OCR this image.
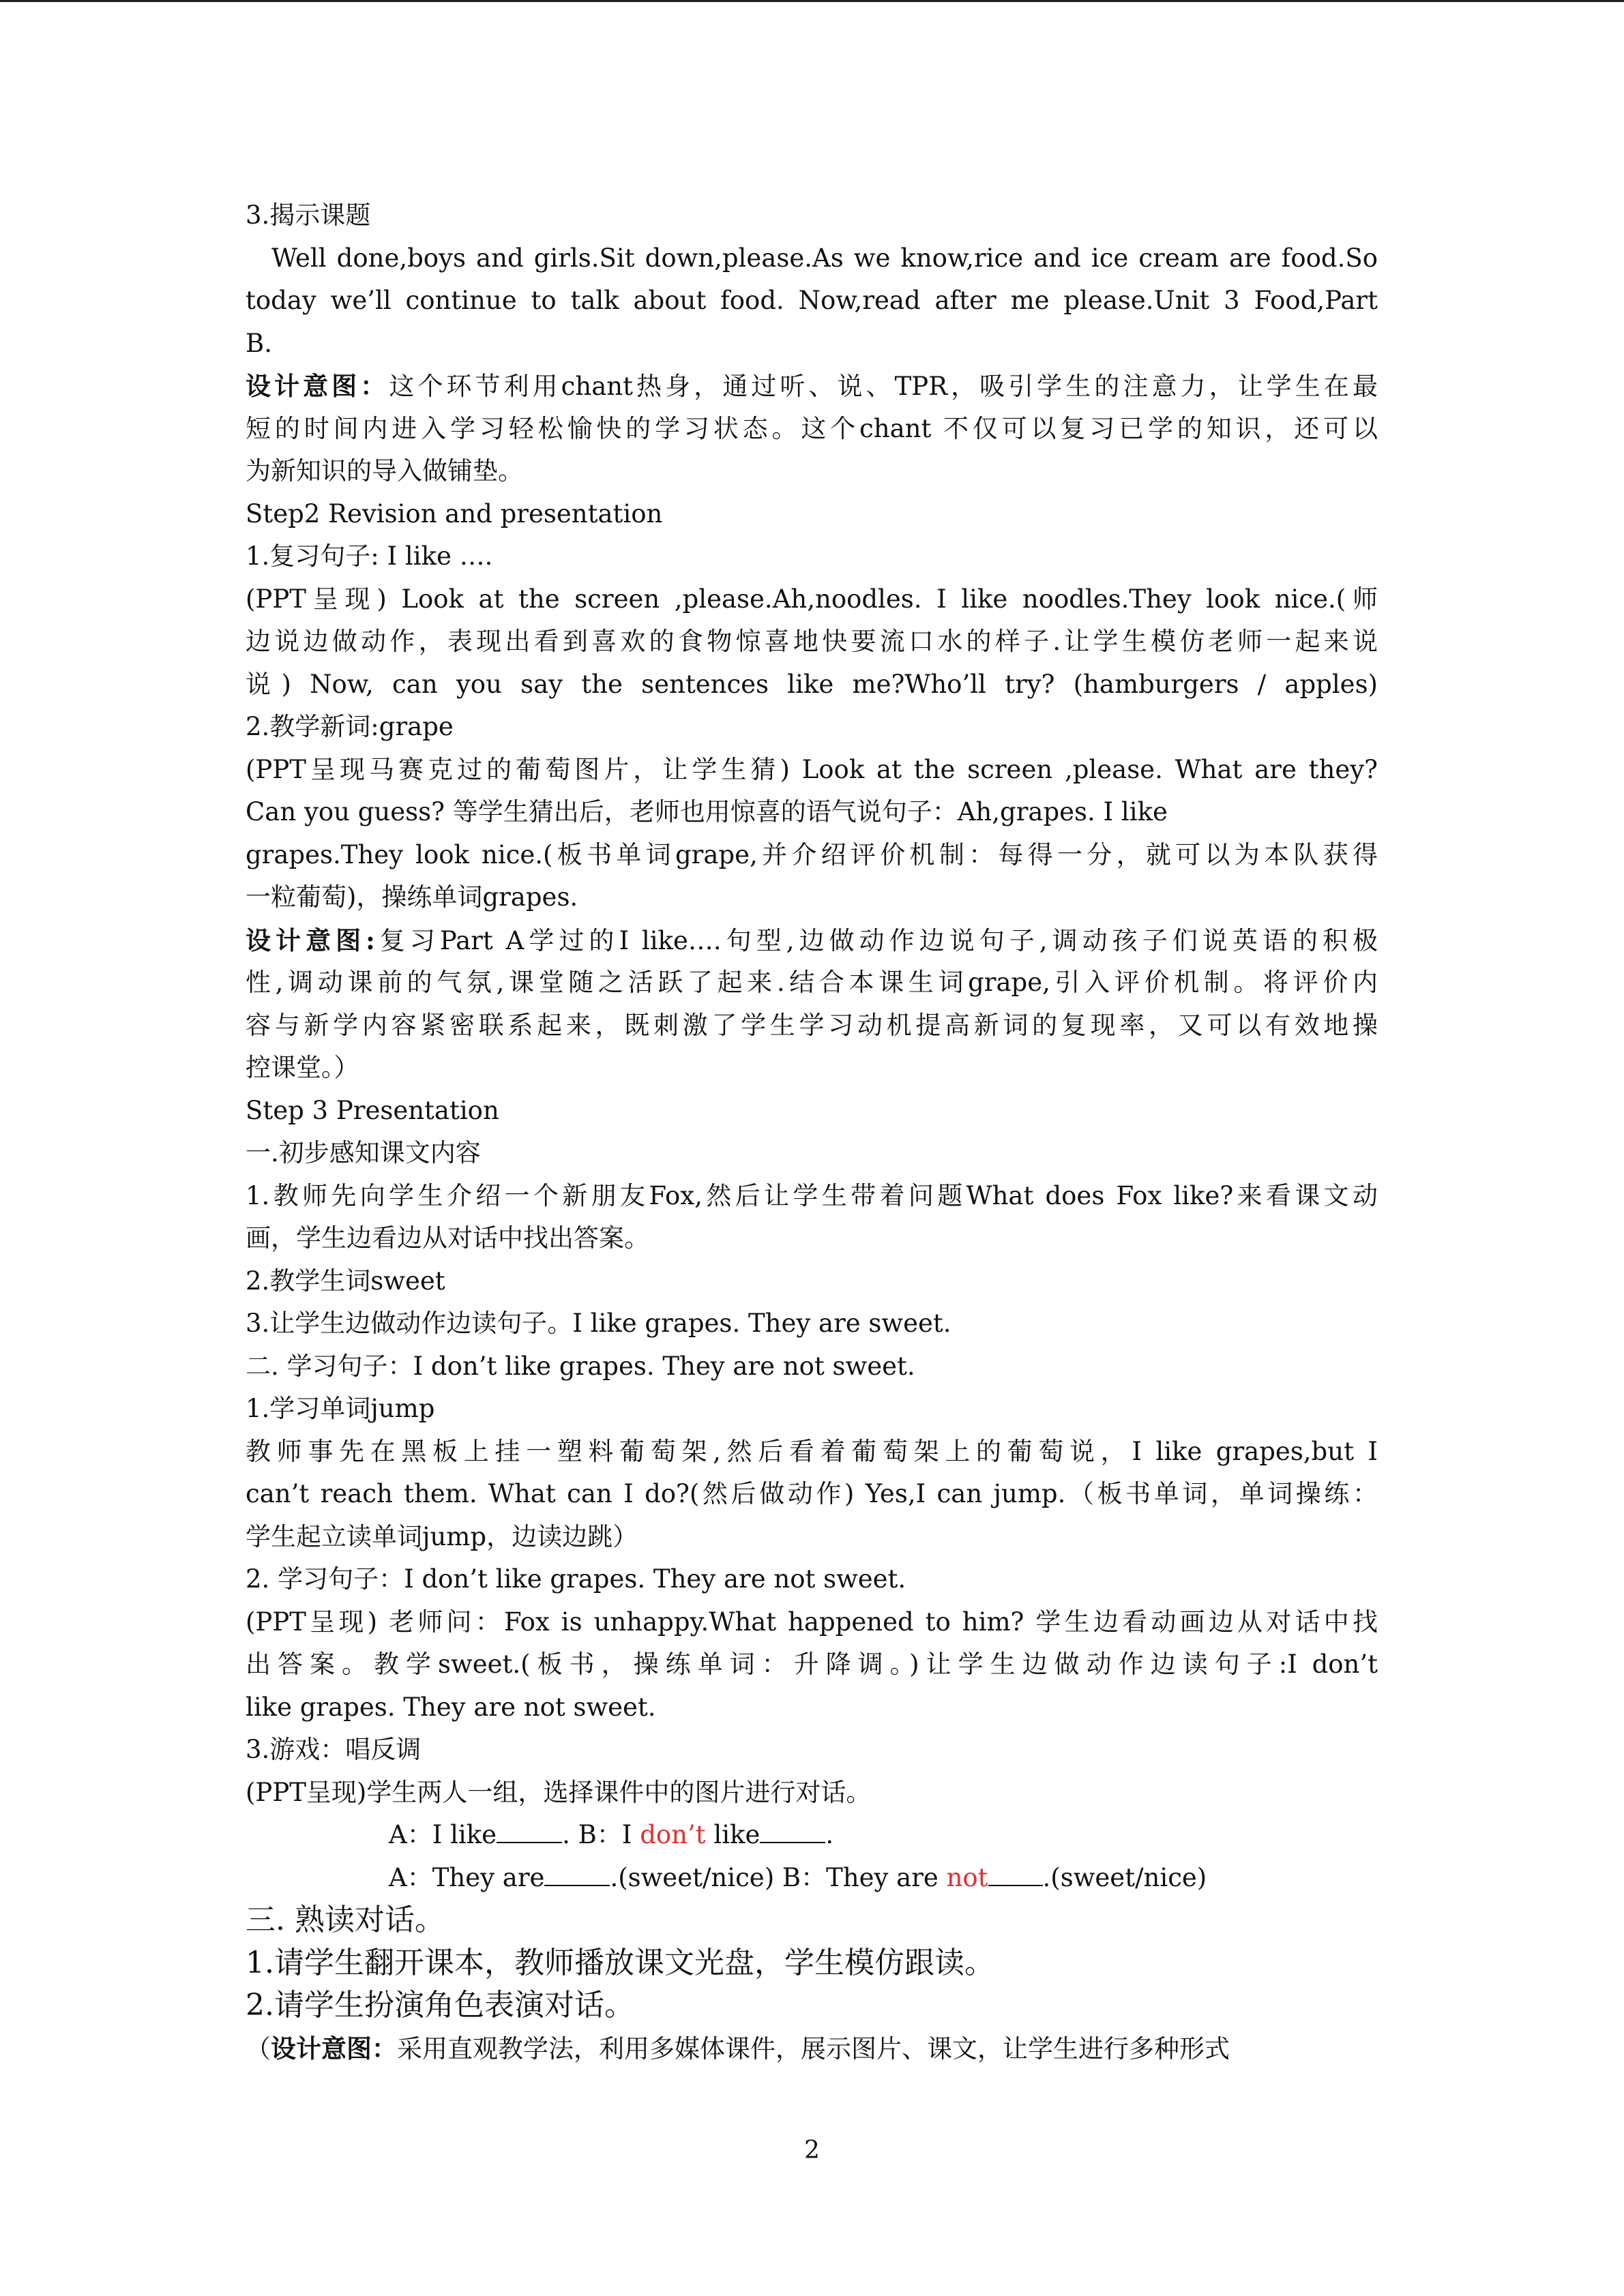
3.揭示课题
Well done,boys and girls.Sit down,please.As we know,rice and ice cream are food.So
today we’ll continue to talk about food. Now,read after me please.Unit 3 Food,Part
B.
设计意图：这个环节利用chant热身，通过听、说、TPR，吸引学生的注意力，让学生在最
短的时间内进入学习轻松愉快的学习状态。这个chant 不仅可以复习已学的知识，还可以
为新知识的导入做铺垫。
Step2 Revision and presentation
1.复习句子: I like ….
(PPT呈现) Look at the screen ,please.Ah,noodles. I like noodles.They look nice.(师
边说边做动作，表现出看到喜欢的食物惊喜地快要流口水的样子.让学生模仿老师一起来说
说) Now, can you say the sentences like me?Who’ll try? (hamburgers / apples)
2.教学新词:grape
(PPT呈现马赛克过的葡萄图片，让学生猜) Look at the screen ,please. What are they?
Can you guess? 等学生猜出后，老师也用惊喜的语气说句子：Ah,grapes. I like
grapes.They look nice.(板书单词grape,并介绍评价机制：每得一分，就可以为本队获得
一粒葡萄)，操练单词grapes.
设计意图:复习Part A学过的I like….句型,边做动作边说句子,调动孩子们说英语的积极
性,调动课前的气氛,课堂随之活跃了起来.结合本课生词grape,引入评价机制。将评价内
容与新学内容紧密联系起来，既刺激了学生学习动机提高新词的复现率，又可以有效地操
控课堂。）
Step 3 Presentation
一.初步感知课文内容
1.教师先向学生介绍一个新朋友Fox,然后让学生带着问题What does Fox like?来看课文动
画，学生边看边从对话中找出答案。
2.教学生词sweet
3.让学生边做动作边读句子。I like grapes. They are sweet.
二. 学习句子：I don’t like grapes. They are not sweet.
1.学习单词jump
教师事先在黑板上挂一塑料葡萄架,然后看着葡萄架上的葡萄说，I like grapes,but I
can’t reach them. What can I do?(然后做动作) Yes,I can jump.（板书单词，单词操练：
学生起立读单词jump，边读边跳）
2. 学习句子：I don’t like grapes. They are not sweet.
(PPT呈现) 老师问：Fox is unhappy.What happened to him? 学生边看动画边从对话中找
出答案。教学sweet.(板书，操练单词：升降调。)让学生边做动作边读句子:I don’t
like grapes. They are not sweet.
3.游戏：唱反调
(PPT呈现)学生两人一组，选择课件中的图片进行对话。
A：I like	. B：I don’t like	.
A：They are	.(sweet/nice) B：They are not .(sweet/nice)
三. 熟读对话。
1.请学生翻开课本，教师播放课文光盘，学生模仿跟读。
2.请学生扮演角色表演对话。
（设计意图：采用直观教学法，利用多媒体课件，展示图片、课文，让学生进行多种形式
2
